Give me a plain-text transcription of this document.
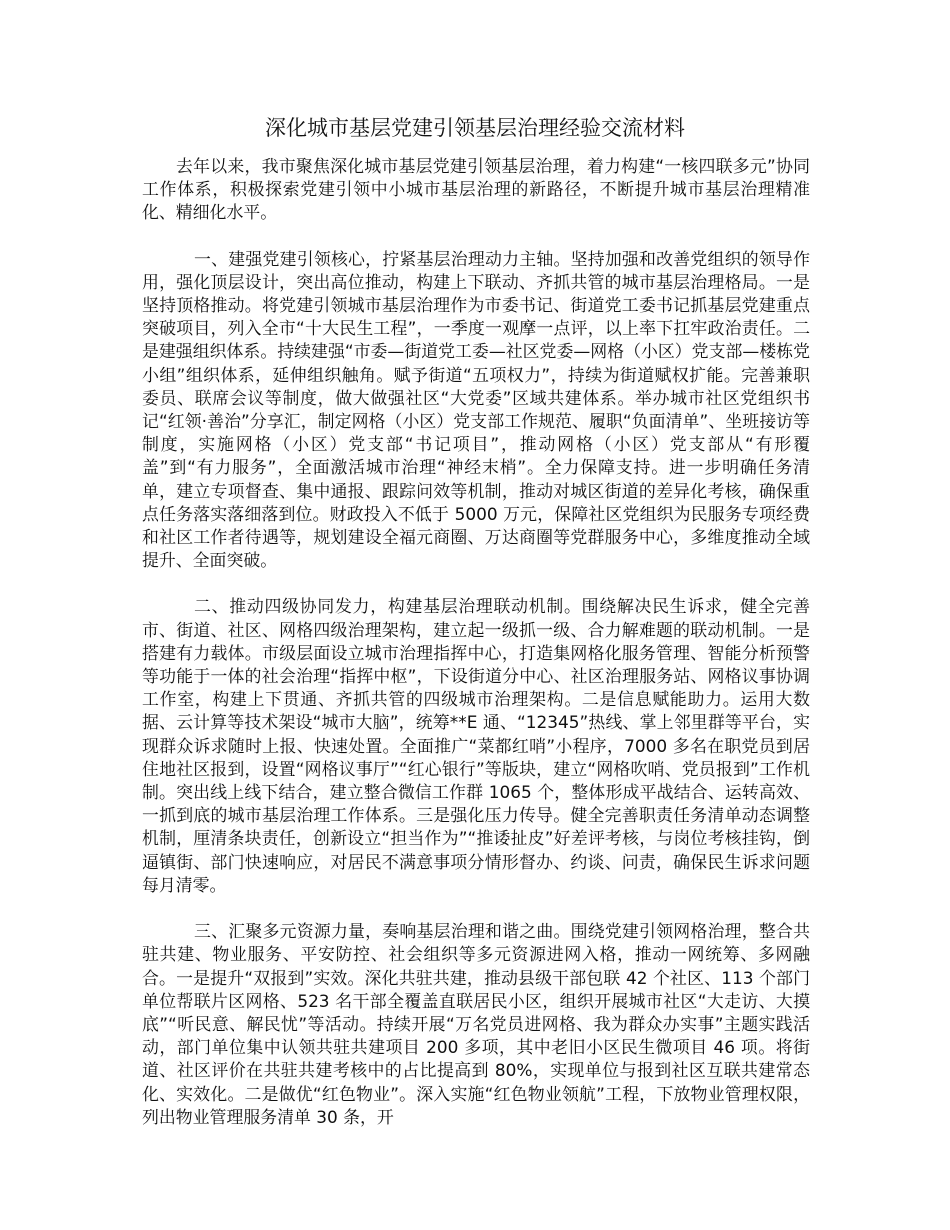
深化城市基层党建引领基层治理经验交流材料

去年以来，我市聚焦深化城市基层党建引领基层治理，着力构建“一核四联多元”协同工作体系，积极探索党建引领中小城市基层治理的新路径，不断提升城市基层治理精准化、精细化水平。

一、建强党建引领核心，拧紧基层治理动力主轴。坚持加强和改善党组织的领导作用，强化顶层设计，突出高位推动，构建上下联动、齐抓共管的城市基层治理格局。一是坚持顶格推动。将党建引领城市基层治理作为市委书记、街道党工委书记抓基层党建重点突破项目，列入全市“十大民生工程”，一季度一观摩一点评，以上率下扛牢政治责任。二是建强组织体系。持续建强“市委—街道党工委—社区党委—网格（小区）党支部—楼栋党小组”组织体系，延伸组织触角。赋予街道“五项权力”，持续为街道赋权扩能。完善兼职委员、联席会议等制度，做大做强社区“大党委”区域共建体系。举办城市社区党组织书记“红领·善治”分享汇，制定网格（小区）党支部工作规范、履职“负面清单”、坐班接访等制度，实施网格（小区）党支部“书记项目”，推动网格（小区）党支部从“有形覆盖”到“有力服务”，全面激活城市治理“神经末梢”。全力保障支持。进一步明确任务清单，建立专项督查、集中通报、跟踪问效等机制，推动对城区街道的差异化考核，确保重点任务落实落细落到位。财政投入不低于 5000 万元，保障社区党组织为民服务专项经费和社区工作者待遇等，规划建设全福元商圈、万达商圈等党群服务中心，多维度推动全域提升、全面突破。

二、推动四级协同发力，构建基层治理联动机制。围绕解决民生诉求，健全完善市、街道、社区、网格四级治理架构，建立起一级抓一级、合力解难题的联动机制。一是搭建有力载体。市级层面设立城市治理指挥中心，打造集网格化服务管理、智能分析预警等功能于一体的社会治理“指挥中枢”，下设街道分中心、社区治理服务站、网格议事协调工作室，构建上下贯通、齐抓共管的四级城市治理架构。二是信息赋能助力。运用大数据、云计算等技术架设“城市大脑”，统筹**E 通、“12345”热线、掌上邻里群等平台，实现群众诉求随时上报、快速处置。全面推广“菜都红哨”小程序，7000 多名在职党员到居住地社区报到，设置“网格议事厅”“红心银行”等版块，建立“网格吹哨、党员报到”工作机制。突出线上线下结合，建立整合微信工作群 1065 个，整体形成平战结合、运转高效、一抓到底的城市基层治理工作体系。三是强化压力传导。健全完善职责任务清单动态调整机制，厘清条块责任，创新设立“担当作为”“推诿扯皮”好差评考核，与岗位考核挂钩，倒逼镇街、部门快速响应，对居民不满意事项分情形督办、约谈、问责，确保民生诉求问题每月清零。

三、汇聚多元资源力量，奏响基层治理和谐之曲。围绕党建引领网格治理，整合共驻共建、物业服务、平安防控、社会组织等多元资源进网入格，推动一网统筹、多网融合。一是提升“双报到”实效。深化共驻共建，推动县级干部包联 42 个社区、113 个部门单位帮联片区网格、523 名干部全覆盖直联居民小区，组织开展城市社区“大走访、大摸底”“听民意、解民忧”等活动。持续开展“万名党员进网格、我为群众办实事”主题实践活动，部门单位集中认领共驻共建项目 200 多项，其中老旧小区民生微项目 46 项。将街道、社区评价在共驻共建考核中的占比提高到 80%，实现单位与报到社区互联共建常态化、实效化。二是做优“红色物业”。深入实施“红色物业领航”工程，下放物业管理权限，列出物业管理服务清单 30 条，开
